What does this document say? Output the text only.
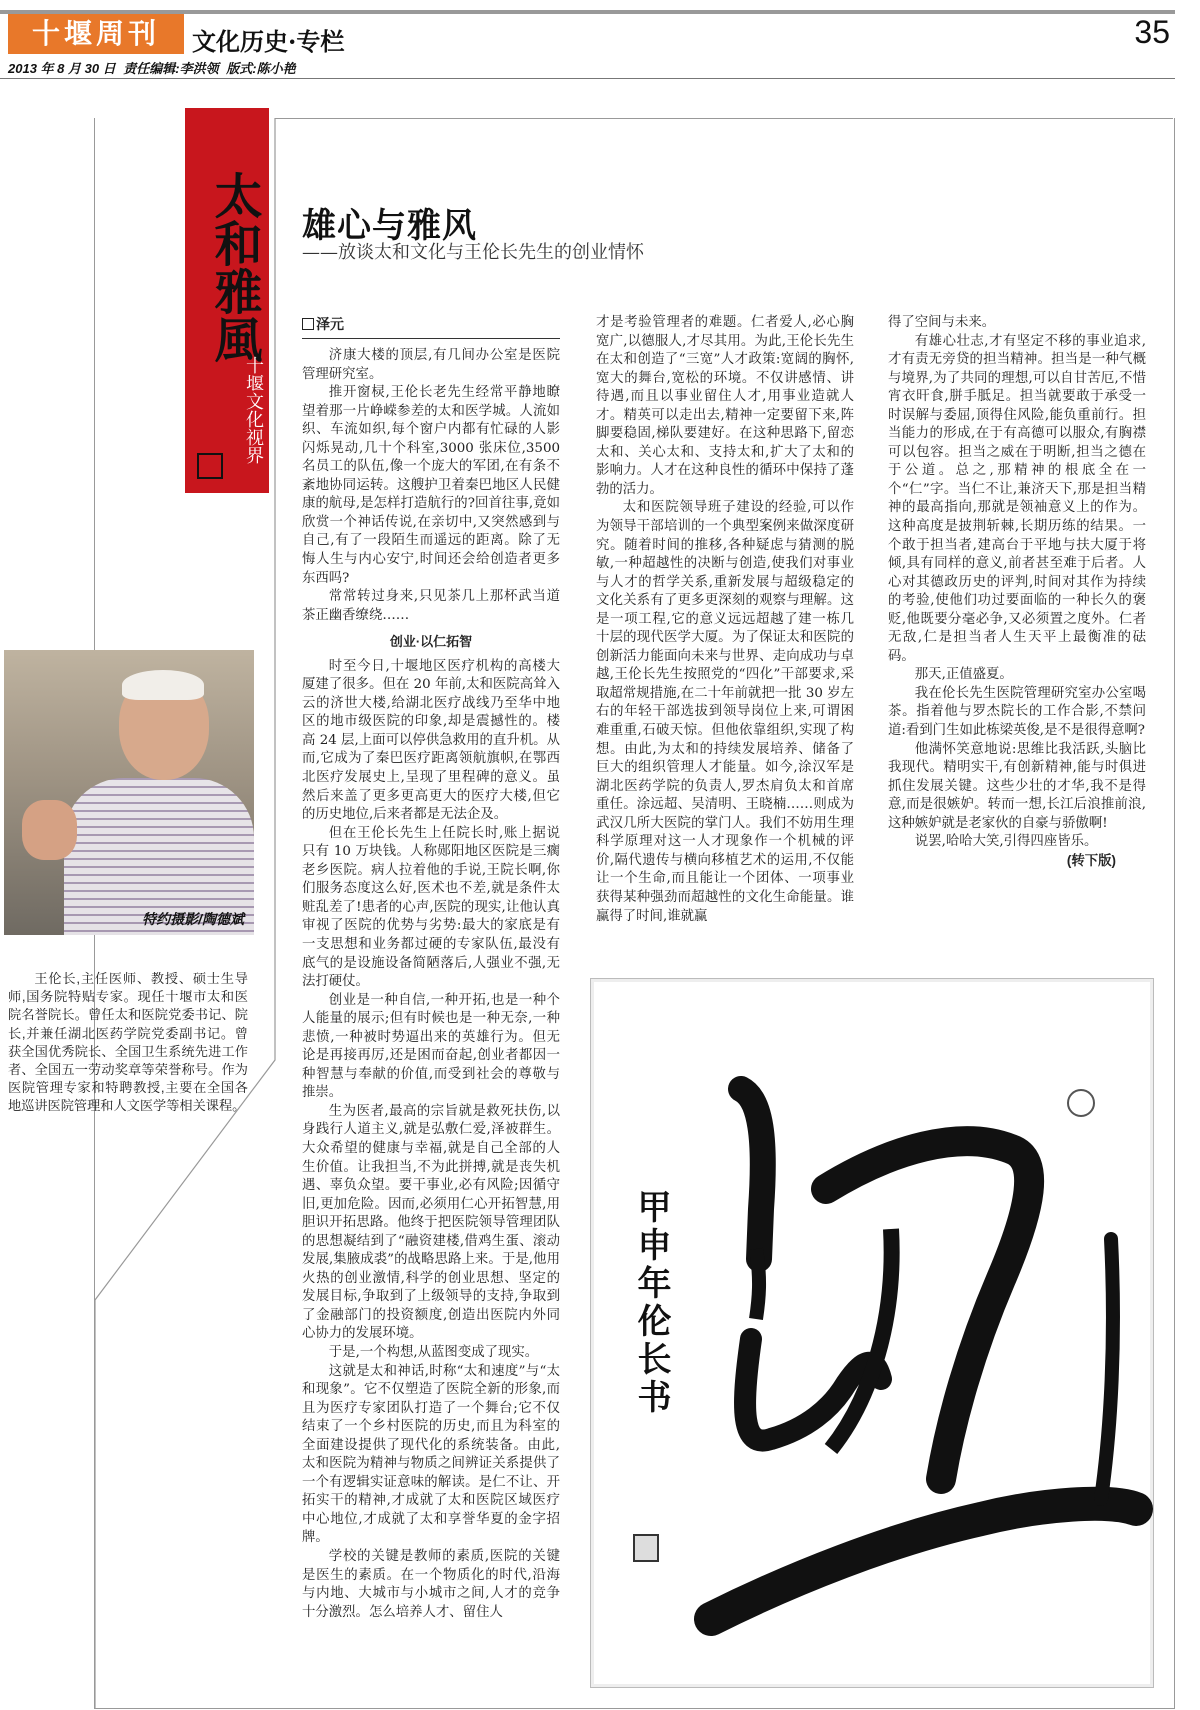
十堰周刊	文化历史·专栏	35
2013 年 8 月 30 日 责任编辑:李洪领 版式:陈小艳
太和雅風
十堰文化视界
特约摄影/陶德斌
王伦长,主任医师、教授、硕士生导师,国务院特贴专家。现任十堰市太和医院名誉院长。曾任太和医院党委书记、院长,并兼任湖北医药学院党委副书记。曾获全国优秀院长、全国卫生系统先进工作者、全国五一劳动奖章等荣誉称号。作为医院管理专家和特聘教授,主要在全国各地巡讲医院管理和人文医学等相关课程。
雄心与雅风
——放谈太和文化与王伦长先生的创业情怀
泽元

济康大楼的顶层,有几间办公室是医院管理研究室。

推开窗棂,王伦长老先生经常平静地瞭望着那一片峥嵘参差的太和医学城。人流如织、车流如织,每个窗户内都有忙碌的人影闪烁晃动,几十个科室,3000 张床位,3500 名员工的队伍,像一个庞大的军团,在有条不紊地协同运转。这艘护卫着秦巴地区人民健康的航母,是怎样打造航行的?回首往事,竟如欣赏一个神话传说,在亲切中,又突然感到与自己,有了一段陌生而遥远的距离。除了无悔人生与内心安宁,时间还会给创造者更多东西吗?

常常转过身来,只见茶几上那杯武当道茶正幽香缭绕……

创业·以仁拓智

时至今日,十堰地区医疗机构的高楼大厦建了很多。但在 20 年前,太和医院高耸入云的济世大楼,给湖北医疗战线乃至华中地区的地市级医院的印象,却是震撼性的。楼高 24 层,上面可以停供急救用的直升机。从而,它成为了秦巴医疗距离领航旗帜,在鄂西北医疗发展史上,呈现了里程碑的意义。虽然后来盖了更多更高更大的医疗大楼,但它的历史地位,后来者都是无法企及。

但在王伦长先生上任院长时,账上据说只有 10 万块钱。人称郧阳地区医院是三瘸老乡医院。病人拉着他的手说,王院长啊,你们服务态度这么好,医术也不差,就是条件太赃乱差了!患者的心声,医院的现实,让他认真审视了医院的优势与劣势:最大的家底是有一支思想和业务都过硬的专家队伍,最没有底气的是设施设备简陋落后,人强业不强,无法打硬仗。

创业是一种自信,一种开拓,也是一种个人能量的展示;但有时候也是一种无奈,一种悲愤,一种被时势逼出来的英雄行为。但无论是再接再厉,还是困而奋起,创业者都因一种智慧与奉献的价值,而受到社会的尊敬与推崇。

生为医者,最高的宗旨就是救死扶伤,以身践行人道主义,就是弘敷仁爱,泽被群生。大众希望的健康与幸福,就是自己全部的人生价值。让我担当,不为此拼搏,就是丧失机遇、辜负众望。要干事业,必有风险;因循守旧,更加危险。因而,必须用仁心开拓智慧,用胆识开拓思路。他终于把医院领导管理团队的思想凝结到了“融资建楼,借鸡生蛋、滚动发展,集腋成裘”的战略思路上来。于是,他用火热的创业激情,科学的创业思想、坚定的发展目标,争取到了上级领导的支持,争取到了金融部门的投资额度,创造出医院内外同心协力的发展环境。

于是,一个构想,从蓝图变成了现实。

这就是太和神话,时称“太和速度”与“太和现象”。它不仅塑造了医院全新的形象,而且为医疗专家团队打造了一个舞台;它不仅结束了一个乡村医院的历史,而且为科室的全面建设提供了现代化的系统装备。由此,太和医院为精神与物质之间辨证关系提供了一个有逻辑实证意味的解读。是仁不让、开拓实干的精神,才成就了太和医院区域医疗中心地位,才成就了太和享誉华夏的金字招牌。

学校的关键是教师的素质,医院的关键是医生的素质。在一个物质化的时代,沿海与内地、大城市与小城市之间,人才的竞争十分激烈。怎么培养人才、留住人

才是考验管理者的难题。仁者爱人,必心胸宽广,以德服人,才尽其用。为此,王伦长先生在太和创造了“三宽”人才政策:宽阔的胸怀,宽大的舞台,宽松的环境。不仅讲感情、讲待遇,而且以事业留住人才,用事业造就人才。精英可以走出去,精神一定要留下来,阵脚要稳固,梯队要建好。在这种思路下,留恋太和、关心太和、支持太和,扩大了太和的影响力。人才在这种良性的循环中保持了蓬勃的活力。

太和医院领导班子建设的经验,可以作为领导干部培训的一个典型案例来做深度研究。随着时间的推移,各种疑虑与猜测的脱敏,一种超越性的决断与创造,使我们对事业与人才的哲学关系,重新发展与超级稳定的文化关系有了更多更深刻的观察与理解。这是一项工程,它的意义远远超越了建一栋几十层的现代医学大厦。为了保证太和医院的创新活力能面向未来与世界、走向成功与卓越,王伦长先生按照党的“四化”干部要求,采取超常规措施,在二十年前就把一批 30 岁左右的年轻干部选拔到领导岗位上来,可谓困难重重,石破天惊。但他依靠组织,实现了构想。由此,为太和的持续发展培养、储备了巨大的组织管理人才能量。如今,涂汉军是湖北医药学院的负责人,罗杰肩负太和首席重任。涂远超、吴清明、王晓楠……则成为武汉几所大医院的掌门人。我们不妨用生理科学原理对这一人才现象作一个机械的评价,隔代遗传与横向移植艺术的运用,不仅能让一个生命,而且能让一个团体、一项事业获得某种强劲而超越性的文化生命能量。谁赢得了时间,谁就赢

得了空间与未来。

有雄心壮志,才有坚定不移的事业追求,才有责无旁贷的担当精神。担当是一种气概与境界,为了共同的理想,可以自甘苦厄,不惜宵衣旰食,胼手胝足。担当就要敢于承受一时误解与委屈,顶得住风险,能负重前行。担当能力的形成,在于有高德可以服众,有胸襟可以包容。担当之威在于明断,担当之德在于公道。总之,那精神的根底全在一个“仁”字。当仁不让,兼济天下,那是担当精神的最高指向,那就是领袖意义上的作为。这种高度是披荆斩棘,长期历练的结果。一个敢于担当者,建高台于平地与扶大厦于将倾,具有同样的意义,前者甚至难于后者。人心对其德政历史的评判,时间对其作为持续的考验,使他们功过要面临的一种长久的褒贬,他既要分毫必争,又必须置之度外。仁者无敌,仁是担当者人生天平上最衡准的砝码。

那天,正值盛夏。

我在伦长先生医院管理研究室办公室喝茶。指着他与罗杰院长的工作合影,不禁问道:看到门生如此栋梁英俊,是不是很得意啊?

他满怀笑意地说:思维比我活跃,头脑比我现代。精明实干,有创新精神,能与时俱进抓住发展关键。这些少壮的才华,我不是得意,而是很嫉妒。转而一想,长江后浪推前浪,这种嫉妒就是老家伙的自豪与骄傲啊!

说罢,哈哈大笑,引得四座皆乐。

(转下版)
甲申年伦长书
